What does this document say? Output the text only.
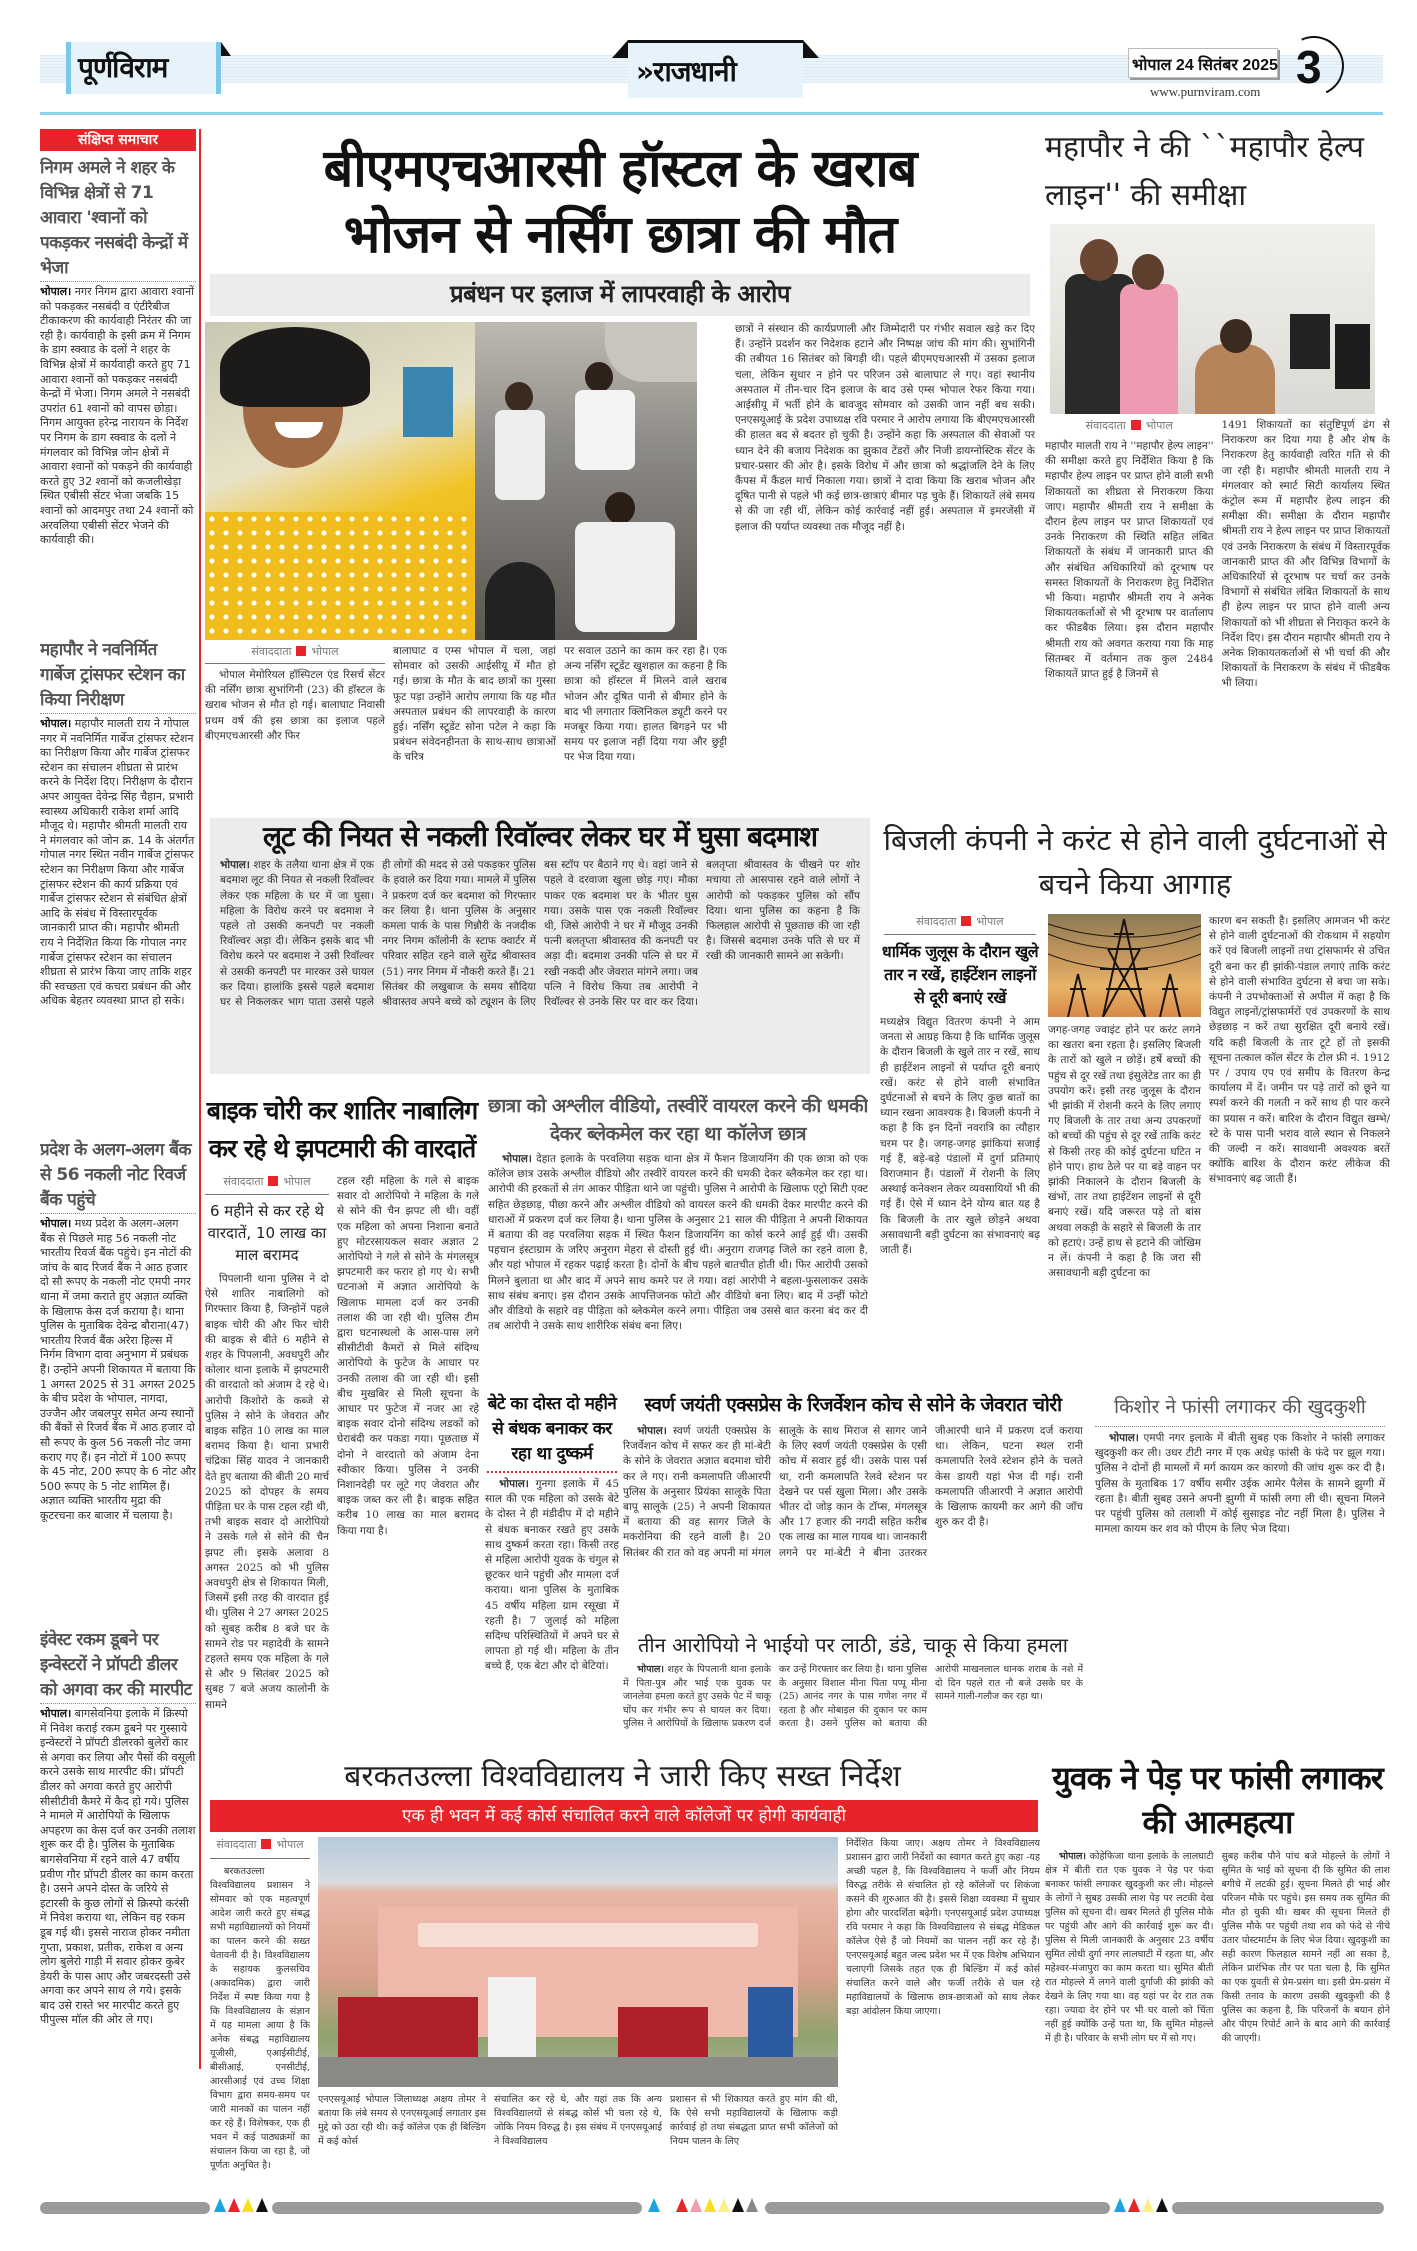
पूर्णविराम	»राजधानी	भोपाल 24 सितंबर 2025
www.purnviram.com 3
संक्षिप्त समाचार
निगम अमले ने शहर के विभिन्न क्षेत्रों से 71 आवारा 'श्वानों को पकड़कर नसबंदी केन्द्रों में भेजा
भोपाल। नगर निगम द्वारा आवारा श्वानों को पकड़कर नसबंदी व एंटीरैबीज टीकाकरण की कार्यवाही निरंतर की जा रही है। कार्यवाही के इसी क्रम में निगम के डाग स्क्वाड के दलों ने शहर के विभिन्न क्षेत्रों में कार्यवाही करते हुए 71 आवारा श्वानों को पकड़कर नसबंदी केन्द्रों में भेजा। निगम अमले ने नसबंदी उपरांत 61 श्वानों को वापस छोड़ा। निगम आयुक्त हरेन्द्र नारायन के निर्देश पर निगम के डाग स्क्वाड के दलों ने मंगलवार को विभिन्न जोन क्षेत्रों में आवारा श्वानों को पकड़ने की कार्यवाही करते हुए 32 श्वानों को कजलीखेड़ा स्थित एबीसी सेंटर भेजा जबकि 15 श्वानों को आदमपुर तथा 24 श्वानों को अरवलिया एबीसी सेंटर भेजने की कार्यवाही की।
महापौर ने नवनिर्मित गार्बेज ट्रांसफर स्टेशन का किया निरीक्षण
भोपाल। महापौर मालती राय ने गोपाल नगर में नवनिर्मित गार्बेज ट्रांसफर स्टेशन का निरीक्षण किया और गार्बेज ट्रांसफर स्टेशन का संचालन शीघ्रता से प्रारंभ करने के निर्देश दिए। निरीक्षण के दौरान अपर आयुक्त देवेन्द्र सिंह चैहान, प्रभारी स्वास्थ्य अधिकारी राकेश शर्मा आदि मौजूद थे। महापौर श्रीमती मालती राय ने मंगलवार को जोन क्र. 14 के अंतर्गत गोपाल नगर स्थित नवीन गार्बेज ट्रांसफर स्टेशन का निरीक्षण किया और गार्बेज ट्रांसफर स्टेशन की कार्य प्रक्रिया एवं गार्बेज ट्रांसफर स्टेशन से संबंधित क्षेत्रों आदि के संबंध में विस्तारपूर्वक जानकारी प्राप्त की। महापौर श्रीमती राय ने निर्देशित किया कि गोपाल नगर गार्बेज ट्रांसफर स्टेशन का संचालन शीघ्रता से प्रारंभ किया जाए ताकि शहर की स्वच्छता एवं कचरा प्रबंधन की और अधिक बेहतर व्यवस्था प्राप्त हो सके।
प्रदेश के अलग-अलग बैंक से 56 नकली नोट रिवर्ज बैंक पहुंचे
भोपाल। मध्य प्रदेश के अलग-अलग बैंक से पिछले माह 56 नकली नोट भारतीय रिवर्ज बैंक पहुंचे। इन नोटों की जांच के बाद रिजर्व बैंक ने आठ हजार दो सौ रूपए के नकली नोट एमपी नगर थाना में जमा कराते हुए अज्ञात व्यक्ति के खिलाफ केस दर्ज कराया है। थाना पुलिस के मुताबिक देवेन्द्र बौराना(47) भारतीय रिजर्व बैंक अरेरा हिल्स में निर्गम विभाग दावा अनुभाग में प्रबंधक हैं। उन्होंने अपनी शिकायत में बताया कि 1 अगस्त 2025 से 31 अगस्त 2025 के बीच प्रदेश के भोपाल, नागदा, उज्जैन और जबलपुर समेत अन्य स्थानों की बैंकों से रिजर्व बैंक में आठ हजार दो सौ रूपए के कुल 56 नकली नोट जमा कराए गए हैं। इन नोटों में 100 रूपए के 45 नोट, 200 रूपए के 6 नोट और 500 रूपए के 5 नोट शामिल हैं। अज्ञात व्यक्ति भारतीय मुद्रा की कूटरचना कर बाजार में चलाया है।
इंवेस्ट रकम डूबने पर इन्वेस्टरों ने प्रॉपटी डीलर को अगवा कर की मारपीट
भोपाल। बागसेवनिया इलाके में क्रिस्पो में निवेश कराई रकम डूबने पर गुस्साये इन्वेस्टरों ने प्रॉपटी डीलरको बुलेरों कार से अगवा कर लिया और पैसों की वसूली करने उसके साथ मारपीट की। प्रॉपटी डीलर को अगवा करते हुए आरोपी सीसीटीवी कैमरे में कैद हो गये। पुलिस ने मामले में आरोपियों के खिलाफ अपहरण का केस दर्ज कर उनकी तलाश शुरू कर दी है। पुलिस के मुताबिक बागसेवनिया में रहने वाले 47 वर्षीय प्रवीण गौर प्रॉपटी डीलर का काम करता है। उसने अपने दोस्त के जरिये से इटारसी के कुछ लोगों से क्रिस्पो करंसी में निवेश कराया था, लेकिन वह रकम डूब गई थी। इससे नाराज होकर नमीता गुप्ता, प्रकाश, प्रतीक, राकेश व अन्य लोग बुलेरो गाड़ी में सवार होकर कुबेर डेयरी के पास आए और जबरदस्ती उसे अगवा कर अपने साथ ले गये। इसके बाद उसे रास्ते भर मारपीट करते हुए पीपुल्स मॉल की ओर ले गए।
बीएमएचआरसी हॉस्टल के खराब
भोजन से नर्सिंग छात्रा की मौत
प्रबंधन पर इलाज में लापरवाही के आरोप
संवाददाता भोपाल
भोपाल मेमोरियल हॉस्पिटल एंड रिसर्च सेंटर की नर्सिंग छात्रा सुभांगिनी (23) की हॉस्टल के खराब भोजन से मौत हो गई। बालाघाट निवासी प्रथम वर्ष की इस छात्रा का इलाज पहले बीएमएचआरसी और फिर
बालाघाट व एम्स भोपाल में चला, जहां सोमवार को उसकी आईसीयू में मौत हो गई। छात्रा के मौत के बाद छात्रों का गुस्सा फूट पड़ा उन्होंने आरोप लगाया कि यह मौत अस्पताल प्रबंधन की लापरवाही के कारण हुई। नर्सिंग स्टूडेंट सोना पटेल ने कहा कि प्रबंधन संवेदनहीनता के साथ-साथ छात्राओं के चरित्र
पर सवाल उठाने का काम कर रहा है। एक अन्य नर्सिंग स्टूडेंट खुशहाल का कहना है कि छात्रा को हॉस्टल में मिलने वाले खराब भोजन और दूषित पानी से बीमार होने के बाद भी लगातार क्लिनिकल ड्यूटी करने पर मजबूर किया गया। हालत बिगड़ने पर भी समय पर इलाज नहीं दिया गया और छुट्टी पर भेज दिया गया।
छात्रों ने संस्थान की कार्यप्रणाली और जिम्मेदारी पर गंभीर सवाल खड़े कर दिए हैं। उन्होंने प्रदर्शन कर निदेशक हटाने और निष्पक्ष जांच की मांग की। सुभांगिनी की तबीयत 16 सितंबर को बिगड़ी थी। पहले बीएमएचआरसी में उसका इलाज चला, लेकिन सुधार न होने पर परिजन उसे बालाघाट ले गए। वहां स्थानीय अस्पताल में तीन-चार दिन इलाज के बाद उसे एम्स भोपाल रेफर किया गया। आईसीयू में भर्ती होने के बावजूद सोमवार को उसकी जान नहीं बच सकी। एनएसयूआई के प्रदेश उपाध्यक्ष रवि परमार ने आरोप लगाया कि बीएमएचआरसी की हालत बद से बदतर हो चुकी है। उन्होंने कहा कि अस्पताल की सेवाओं पर ध्यान देने की बजाय निदेशक का झुकाव टेंडरों और निजी डायग्नोस्टिक सेंटर के प्रचार-प्रसार की ओर है। इसके विरोध में और छात्रा को श्रद्धांजलि देने के लिए कैंपस में कैंडल मार्च निकाला गया। छात्रों ने दावा किया कि खराब भोजन और दूषित पानी से पहले भी कई छात्र-छात्राएं बीमार पड़ चुके हैं। शिकायतें लंबे समय से की जा रही थीं, लेकिन कोई कार्रवाई नहीं हुई। अस्पताल में इमरजेंसी में इलाज की पर्याप्त व्यवस्था तक मौजूद नहीं है।
महापौर ने की ``महापौर हेल्प लाइन'' की समीक्षा
संवाददाता भोपाल
महापौर मालती राय ने ''महापौर हेल्प लाइन'' की समीक्षा करते हुए निर्देशित किया है कि महापौर हेल्प लाइन पर प्राप्त होने वाली सभी शिकायतों का शीघ्रता से निराकरण किया जाए। महापौर श्रीमती राय ने समीक्षा के दौरान हेल्प लाइन पर प्राप्त शिकायतों एवं उनके निराकरण की स्थिति सहित लंबित शिकायतों के संबंध में जानकारी प्राप्त की और संबंधित अधिकारियों को दूरभाष पर समस्त शिकायतों के निराकरण हेतु निर्देशित भी किया। महापौर श्रीमती राय ने अनेक शिकायतकर्ताओं से भी दूरभाष पर वार्तालाप कर फीडबैक लिया। इस दौरान महापौर श्रीमती राय को अवगत कराया गया कि माह सितम्बर में वर्तमान तक कुल 2484 शिकायतें प्राप्त हुई है जिनमें से
1491 शिकायतों का संतुष्टिपूर्ण ढंग से निराकरण कर दिया गया है और शेष के निराकरण हेतु कार्यवाही त्वरित गति से की जा रही है। महापौर श्रीमती मालती राय ने मंगलवार को स्मार्ट सिटी कार्यालय स्थित कंट्रोल रूम में महापौर हेल्प लाइन की समीक्षा की। समीक्षा के दौरान महापौर श्रीमती राय ने हेल्प लाइन पर प्राप्त शिकायतों एवं उनके निराकरण के संबंध में विस्तारपूर्वक जानकारी प्राप्त की और विभिन्न विभागों के अधिकारियों से दूरभाष पर चर्चा कर उनके विभागों से संबंधित लंबित शिकायतों के साथ ही हेल्प लाइन पर प्राप्त होने वाली अन्य शिकायतों को भी शीघ्रता से निराकृत करने के निर्देश दिए। इस दौरान महापौर श्रीमती राय ने अनेक शिकायतकर्ताओं से भी चर्चा की और शिकायतों के निराकरण के संबंध में फीडबैक भी लिया।
लूट की नियत से नकली रिवॉल्वर लेकर घर में घुसा बदमाश
भोपाल। शहर के तलैया थाना क्षेत्र में एक बदमाश लूट की नियत से नकली रिवॉल्वर लेकर एक महिला के घर में जा घुसा। महिला के विरोध करने पर बदमाश ने पहले तो उसकी कनपटी पर नकली रिवॉल्वर अड़ा दी। लेकिन इसके बाद भी विरोध करने पर बदमाश ने उसी रिवॉल्वर से उसकी कनपटी पर मारकर उसे घायल कर दिया। हालांकि इससे पहले बदमाश घर से निकलकर भाग पाता उससे पहले ही लोगों की मदद से उसे पकड़कर पुलिस के हवाले कर दिया गया। मामले में पुलिस ने प्रकरण दर्ज कर बदमाश को गिरफ्तार कर लिया है। थाना पुलिस के अनुसार कमला पार्क के पास गिन्नौरी के नजदीक नगर निगम कॉलोनी के स्टाफ क्वार्टर में परिवार सहित रहने वाले सुरेंद्र श्रीवास्तव (51) नगर निगम में नौकरी करते हैं। 21 सितंबर की लखुबाज के समय सौदिया श्रीवास्तव अपने बच्चे को ट्यूशन के लिए बस स्टॉप पर बैठाने गए थे। वहां जाने से पहले वे दरवाजा खुला छोड़ गए। मौका पाकर एक बदमाश घर के भीतर घुस गया। उसके पास एक नकली रिवॉल्वर थी, जिसे आरोपी ने घर में मौजूद उनकी पत्नी बलतृप्ता श्रीवास्तव की कनपटी पर अड़ा दी। बदमाश उनकी पत्नि से घर में रखी नकदी और जेवरात मांगने लगा। जब पत्नि ने विरोध किया तब आरोपी ने रिवॉल्वर से उनके सिर पर वार कर दिया। बलतृप्ता श्रीवास्तव के चीखने पर शोर मचाया तो आसपास रहने वाले लोगों ने आरोपी को पकड़कर पुलिस को सौंप दिया। थाना पुलिस का कहना है कि फिलहाल आरोपी से पूछताछ की जा रही है। जिससे बदमाश उनके पति से घर में रखी की जानकारी सामने आ सकेगी।
बिजली कंपनी ने करंट से होने वाली दुर्घटनाओं से बचने किया आगाह
संवाददाता भोपाल
धार्मिक जुलूस के दौरान खुले तार न रखें, हाईटेंशन लाइनों से दूरी बनाएं रखें
मध्यक्षेत्र विद्युत वितरण कंपनी ने आम जनता से आग्रह किया है कि धार्मिक जुलूस के दौरान बिजली के खुले तार न रखें, साथ ही हाईटेंशन लाइनों से पर्याप्त दूरी बनाएं रखें। करंट से होने वाली संभावित दुर्घटनाओं से बचने के लिए कुछ बातों का ध्यान रखना आवश्यक है। बिजली कंपनी ने कहा है कि इन दिनों नवरात्रि का त्यौहार चरम पर है। जगह-जगह झांकियां सजाई गई हैं, बड़े-बड़े पंडालों में दुर्गा प्रतिमाएं विराजमान हैं। पंडालों में रोशनी के लिए अस्थाई कनेक्शन लेकर व्यवसायियों भी की गई हैं। ऐसे में ध्यान देने योग्य बात यह है कि बिजली के तार खुले छोड़ने अथवा असावधानी बड़ी दुर्घटना का संभावनाएं बढ़ जाती हैं।
जगह-जगह ज्वाइंट होने पर करंट लगने का खतरा बना रहता है। इसलिए बिजली के तारों को खुले न छोड़ें। हर्षे बच्चों की पहुंच से दूर रखें तथा इंसुलेटेड तार का ही उपयोग करें। इसी तरह जुलूस के दौरान भी झांकी में रोशनी करने के लिए लगाए गए बिजली के तार तथा अन्य उपकरणों को बच्चों की पहुंच से दूर रखें ताकि करंट से किसी तरह की कोई दुर्घटना घटित न होने पाए। हाथ ठेले पर या बड़े वाहन पर झांकी निकालने के दौरान बिजली के खंभों, तार तथा हाईटेंशन लाइनों से दूरी बनाएं रखें। यदि जरूरत पड़े तो बांस अथवा लकड़ी के सहारे से बिजली के तार को हटाएं। उन्हें हाथ से हटाने की जोखिम न लें। कंपनी ने कहा है कि जरा सी असावधानी बड़ी दुर्घटना का
कारण बन सकती है। इसलिए आमजन भी करंट से होने वाली दुर्घटनाओं की रोकथाम में सहयोग करें एवं बिजली लाइनों तथा ट्रांसफार्मर से उचित दूरी बना कर ही झांकी-पंडाल लगाएं ताकि करंट से होने वाली संभावित दुर्घटना से बचा जा सके। कंपनी ने उपभोक्ताओं से अपील में कहा है कि विद्युत लाइनों/ट्रांसफार्मरों एवं उपकरणों के साथ छेड़छाड़ न करें तथा सुरक्षित दूरी बनाये रखें। यदि कही बिजली के तार टूटे हों तो इसकी सूचना तत्काल कॉल सेंटर के टोल फ्री नं. 1912 पर / उपाय एप एवं समीप के वितरण केन्द्र कार्यालय में दें। जमीन पर पड़े तारों को छूने या स्पर्श करने की गलती न करें साथ ही पार करने का प्रयास न करें। बारिश के दौरान विद्युत खम्भे/स्टे के पास पानी भराव वाले स्थान से निकलने की जल्दी न करें। सावधानी अवश्यक बरतें क्योंकि बारिश के दौरान करंट लीकेज की संभावनाएं बढ़ जाती हैं।
बाइक चोरी कर शातिर नाबालिग कर रहे थे झपटमारी की वारदातें
संवाददाता भोपाल
6 महीने से कर रहे थे वारदातें, 10 लाख का माल बरामद
पिपलानी थाना पुलिस ने दो ऐसे शातिर नाबालिगो को गिरफ्तार किया है, जिन्होनें पहले बाइक चोरी की और फिर चोरी की बाइक से बीते 6 महीने से शहर के पिपलानी, अवधपुरी और कोलार थाना इलाके में झपटमारी की वारदातो को अंजाम दे रहे थे। आरोपी किशोरो के कब्जे से पुलिस ने सोने के जेवरात और बाइक सहित 10 लाख का माल बरामद किया है। थाना प्रभारी चंद्रिका सिंह यादव ने जानकारी देते हुए बताया की बीती 20 मार्च 2025 को दोपहर के समय पीड़िता घर के पास टहल रही थी, तभी बाइक सवार दो आरोपियो ने उसके गले से सोने की चैन झपट ली। इसके अलावा 8 अगस्त 2025 को भी पुलिस अवधपुरी क्षेत्र से शिकायत मिली, जिसमें इसी तरह की वारदात हुई थी। पुलिस ने 27 अगस्त 2025 को सुबह करीब 8 बजे घर के सामने रोड पर महादेवी के सामने टहलते समय एक महिला के गले से और 9 सितंबर 2025 को सुबह 7 बजे अजय कालोनी के सामने
टहल रही महिला के गले से बाइक सवार दो आरोपियो ने महिला के गले से सोने की चैन झपट ली थी। वहीं एक महिला को अपना निशाना बनाते हुए मोटरसायकल सवार अज्ञात 2 आरोपियो ने गले से सोने के मंगलसूत्र झपटमारी कर फरार हो गए थे। सभी घटनाओ में अज्ञात आरोपियो के खिलाफ मामला दर्ज कर उनकी तलाश की जा रही थी। पुलिस टीम द्वारा घटनास्थलो के आस-पास लगे सीसीटीवी कैमरों से मिले संदिग्ध आरोपियो के फुटेज के आधार पर उनकी तलाश की जा रही थी। इसी बीच मुखबिर से मिली सूचना के आधार पर फुटेज में नजर आ रहे बाइक सवार दोनो संदिग्ध लडकों को घेराबंदी कर पकडा गया। पूछताछ में दोनो ने वारदातो को अंजाम देना स्वीकार किया। पुलिस ने उनकी निशानदेही पर लूटे गए जेवरात और बाइक जब्त कर ली है। बाइक सहित करीब 10 लाख का माल बरामद किया गया है।
छात्रा को अश्लील वीडियो, तस्वीरें वायरल करने की धमकी देकर ब्लेकमेल कर रहा था कॉलेज छात्र
भोपाल। देहात इलाके के परवलिया सड़क थाना क्षेत्र में फैशन डिजायनिंग की एक छात्रा को एक कॉलेज छात्र उसके अश्लील वीडियो और तस्वीरें वायरल करने की धमकी देकर ब्लैकमेल कर रहा था। आरोपी की हरकतों से तंग आकर पीड़िता थाने जा पहुंची। पुलिस ने आरोपी के खिलाफ एट्रो सिटी एक्ट सहित छेड़छाड़, पीछा करने और अश्लील वीडियो को वायरल करने की धमकी देकर मारपीट करने की धाराओं में प्रकरण दर्ज कर लिया है। थाना पुलिस के अनुसार 21 साल की पीड़िता ने अपनी शिकायत में बताया की वह परवलिया सड़क में स्थित फैशन डिजायनिंग का कोर्स करने आई हुई थी। उसकी पहचान इंस्टाग्राम के जरिए अनुराग मेहरा से दोस्ती हुई थी। अनुराग राजगढ़ जिले का रहने वाला है, और यहां भोपाल में रहकर पढ़ाई करता है। दोनों के बीच पहले बातचीत होती थी। फिर आरोपी उसको मिलने बुलाता था और बाद में अपने साथ कमरे पर ले गया। वहां आरोपी ने बहला-फुसलाकर उसके साथ संबंध बनाए। इस दौरान उसके आपत्तिजनक फोटो और वीडियो बना लिए। बाद में उन्हीं फोटो और वीडियो के सहारे वह पीड़िता को ब्लेकमेल करने लगा। पीड़िता जब उससे बात करना बंद कर दी तब आरोपी ने उसके साथ शारीरिक संबंध बना लिए।
बेटे का दोस्त दो महीने से बंधक बनाकर कर रहा था दुष्कर्म
भोपाल। गुनगा इलाके में 45 साल की एक महिला को उसके बेटे के दोस्त ने ही मंडीदीप में दो महीने से बंधक बनाकर रखते हुए उसके साथ दुष्कर्म करता रहा। किसी तरह से महिला आरोपी युवक के चंगुल से छूटकर थाने पहुंची और मामला दर्ज कराया। थाना पुलिस के मुताबिक 45 वर्षीय महिला ग्राम रसूखा में रहती है। 7 जुलाई को महिला सदिग्ध परिस्थितियों में अपने घर से लापता हो गई थी। महिला के तीन बच्चे हैं, एक बेटा और दो बेटियां।
स्वर्ण जयंती एक्सप्रेस के रिजर्वेशन कोच से सोने के जेवरात चोरी
भोपाल। स्वर्ण जयंती एक्सप्रेस के रिजर्वेशन कोच में सफर कर ही मां-बेटी के सोने के जेवरात अज्ञात बदमाश चोरी कर ले गए। रानी कमलापति जीआरपी पुलिस के अनुसार प्रियंका सालूके पिता बापू सालूके (25) ने अपनी शिकायत में बताया की वह सागर जिले के मकरोनिया की रहने वाली है। 20 सितंबर की रात को वह अपनी मां मंगल सालूके के साथ मिराज से सागर जाने के लिए स्वर्ण जयंती एक्सप्रेस के एसी कोच में सवार हुई थी। उसके पास पर्स था, रानी कमलापति रेलवे स्टेशन पर देखने पर पर्स खुला मिला। और उसके भीतर दो जोड़ कान के टॉप्स, मंगलसूत्र और 17 हजार की नगदी सहित करीब एक लाख का माल गायब था। जानकारी लगने पर मां-बेटी ने बीना उतरकर जीआरपी थाने में प्रकरण दर्ज कराया था। लेकिन, घटना स्थल रानी कमलापति रेलवे स्टेशन होने के चलते केस डायरी यहां भेज दी गई। रानी कमलापति जीआरपी ने अज्ञात आरोपी के खिलाफ कायमी कर आगे की जॉच शुरु कर दी है।
तीन आरोपियो ने भाईयो पर लाठी, डंडे, चाकू से किया हमला
भोपाल। शहर के पिपलानी थाना इलाके में पिता-पुत्र और भाई एक युवक पर जानलेवा हमला करते हुए उसके पेट में चाकू घोंप कर गंभीर रूप से घायल कर दिया। पुलिस ने आरोपियों के खिलाफ प्रकरण दर्ज कर उन्हें गिरफ्तार कर लिया है। थाना पुलिस के अनुसार विशाल मीना पिता पप्पू मीना (25) आनंद नगर के पास गणेश नगर में रहता है और मोबाइल की दुकान पर काम करता है। उसने पुलिस को बताया की आरोपी माखनलाल धानक शराब के नशे में दो दिन पहले रात नौ बजे उसके घर के सामने गाली-गलौज कर रहा था।
किशोर ने फांसी लगाकर की खुदकुशी
भोपाल। एमपी नगर इलाके में बीती सुबह एक किशोर ने फांसी लगाकर खुदकुशी कर ली। उधर टीटी नगर में एक अधेड़ फांसी के फंदे पर झूल गया। पुलिस ने दोनों ही मामलों में मर्ग कायम कर कारणो की जांच शुरू कर दी है। पुलिस के मुताबिक 17 वर्षीय समीर उईक आमेर पैलेस के सामने झुग्गी में रहता है। बीती सुबह उसने अपनी झुग्गी में फांसी लगा ली थी। सूचना मिलने पर पहुंची पुलिस को तलाशी में कोई सुसाइड नोट नहीं मिला है। पुलिस ने मामला कायम कर शव को पीएम के लिए भेज दिया।
बरकतउल्ला विश्वविद्यालय ने जारी किए सख्त निर्देश
एक ही भवन में कई कोर्स संचालित करने वाले कॉलेजों पर होगी कार्यवाही
संवाददाता भोपाल
बरकतउल्ला विश्वविद्यालय प्रशासन ने सोमवार को एक महत्वपूर्ण आदेश जारी करते हुए संबद्ध सभी महाविद्यालयों को नियमों का पालन करने की सख्त चेतावनी दी है। विश्वविद्यालय के सहायक कुलसचिव (अकादमिक) द्वारा जारी निर्देश में स्पष्ट किया गया है कि विश्वविद्यालय के संज्ञान में यह मामला आया है कि अनेक संबद्ध महाविद्यालय यूजीसी, एआईसीटीई, बीसीआई, एनसीटीई, आरसीआई एवं उच्च शिक्षा विभाग द्वारा समय-समय पर जारी मानकों का पालन नहीं कर रहे हैं। विशेषकर, एक ही भवन में कई पाठ्यक्रमों का संचालन किया जा रहा है, जो पूर्णतः अनुचित है।
एनएसयूआई भोपाल जिलाध्यक्ष अक्षय तोमर ने बताया कि लंबे समय से एनएसयूआई लगातार इस मुद्दे को उठा रही थी। कई कॉलेज एक ही बिल्डिंग में कई कोर्स
संचालित कर रहे थे, और यहां तक कि अन्य विश्वविद्यालयों से संबद्ध कोर्स भी चला रहे थे, जोकि नियम विरुद्ध है। इस संबंध में एनएसयूआई ने विश्वविद्यालय
प्रशासन से भी शिकायत करते हुए मांग की थी, कि ऐसे सभी महाविद्यालयों के खिलाफ कड़ी कार्रवाई हो तथा संबद्धता प्राप्त सभी कॉलेजों को नियम पालन के लिए
निर्देशित किया जाए। अक्षय तोमर ने विश्वविद्यालय प्रशासन द्वारा जारी निर्देशों का स्वागत करते हुए कहा -यह अच्छी पहल है, कि विश्वविद्यालय ने फर्जी और नियम विरुद्ध तरीके से संचालित हो रहे कॉलेजों पर शिकंजा कसने की शुरुआत की है। इससे शिक्षा व्यवस्था में सुधार होगा और पारदर्शिता बढ़ेगी। एनएसयूआई प्रदेश उपाध्यक्ष रवि परमार ने कहा कि विश्वविद्यालय से संबद्ध मेडिकल कॉलेज ऐसे हैं जो नियमों का पालन नहीं कर रहे हैं। एनएसयूआई बहुत जल्द प्रदेश भर में एक विशेष अभियान चलाएगी जिसके तहत एक ही बिल्डिंग में कई कोर्स संचालित करने वाले और फर्जी तरीके से चल रहे महाविद्यालयों के खिलाफ छात्र-छात्राओं को साथ लेकर बड़ा आंदोलन किया जाएगा।
युवक ने पेड़ पर फांसी लगाकर की आत्महत्या
भोपाल। कोहेफिजा थाना इलाके के लालघाटी क्षेत्र में बीती रात एक युवक ने पेड़ पर फंदा बनाकर फांसी लगाकर खुदकुशी कर ली। मोहल्ले के लोगों ने सुबह उसकी लाश पेड़ पर लटकी देख पुलिस को सूचना दी। खबर मिलते ही पुलिस मौके पर पहुंची और आगे की कार्रवाई शुरू कर दी। पुलिस से मिली जानकारी के अनुसार 23 वर्षीय सुमित लोधी दुर्गा नगर लालघाटी में रहता था, और महेश्वर-मंजापुरा का काम करता था। सुमित बीती रात मोहल्ले में लगने वाली दुर्गाजी की झांकी को देखने के लिए गया था। वह यहां पर देर रात तक रहा। ज्यादा देर होने पर भी घर वालो को चिंता नहीं हुई क्योंकि उन्हें पता था, कि सुमित मोहल्ले में ही है। परिवार के सभी लोग घर में सो गए।
सुबह करीब पौने पांच बजे मोहल्ले के लोगों ने सुमित के भाई को सूचना दी कि सुमित की लाश बगीचे में लटकी हुई। सूचना मिलते ही भाई और परिजन मौके पर पहुंचे। इस समय तक सुमित की मौत हो चुकी थी। खबर की सूचना मिलते ही पुलिस मौके पर पहुंची तथा शव को फंदे से नीचे उतार पोस्टमार्टम के लिए भेज दिया। खुदकुशी का सही कारण फिलहाल सामने नहीं आ सका है, लेकिन प्रारंभिक तौर पर पता चला है, कि सुमित का एक युवती से प्रेम-प्रसंग था। इसी प्रेम-प्रसंग में किसी तनाव के कारण उसकी खुदकुशी की है पुलिस का कहना है, कि परिजनों के बयान होने और पीएम रिपोर्ट आने के बाद आगे की कार्रवाई की जाएगी।
